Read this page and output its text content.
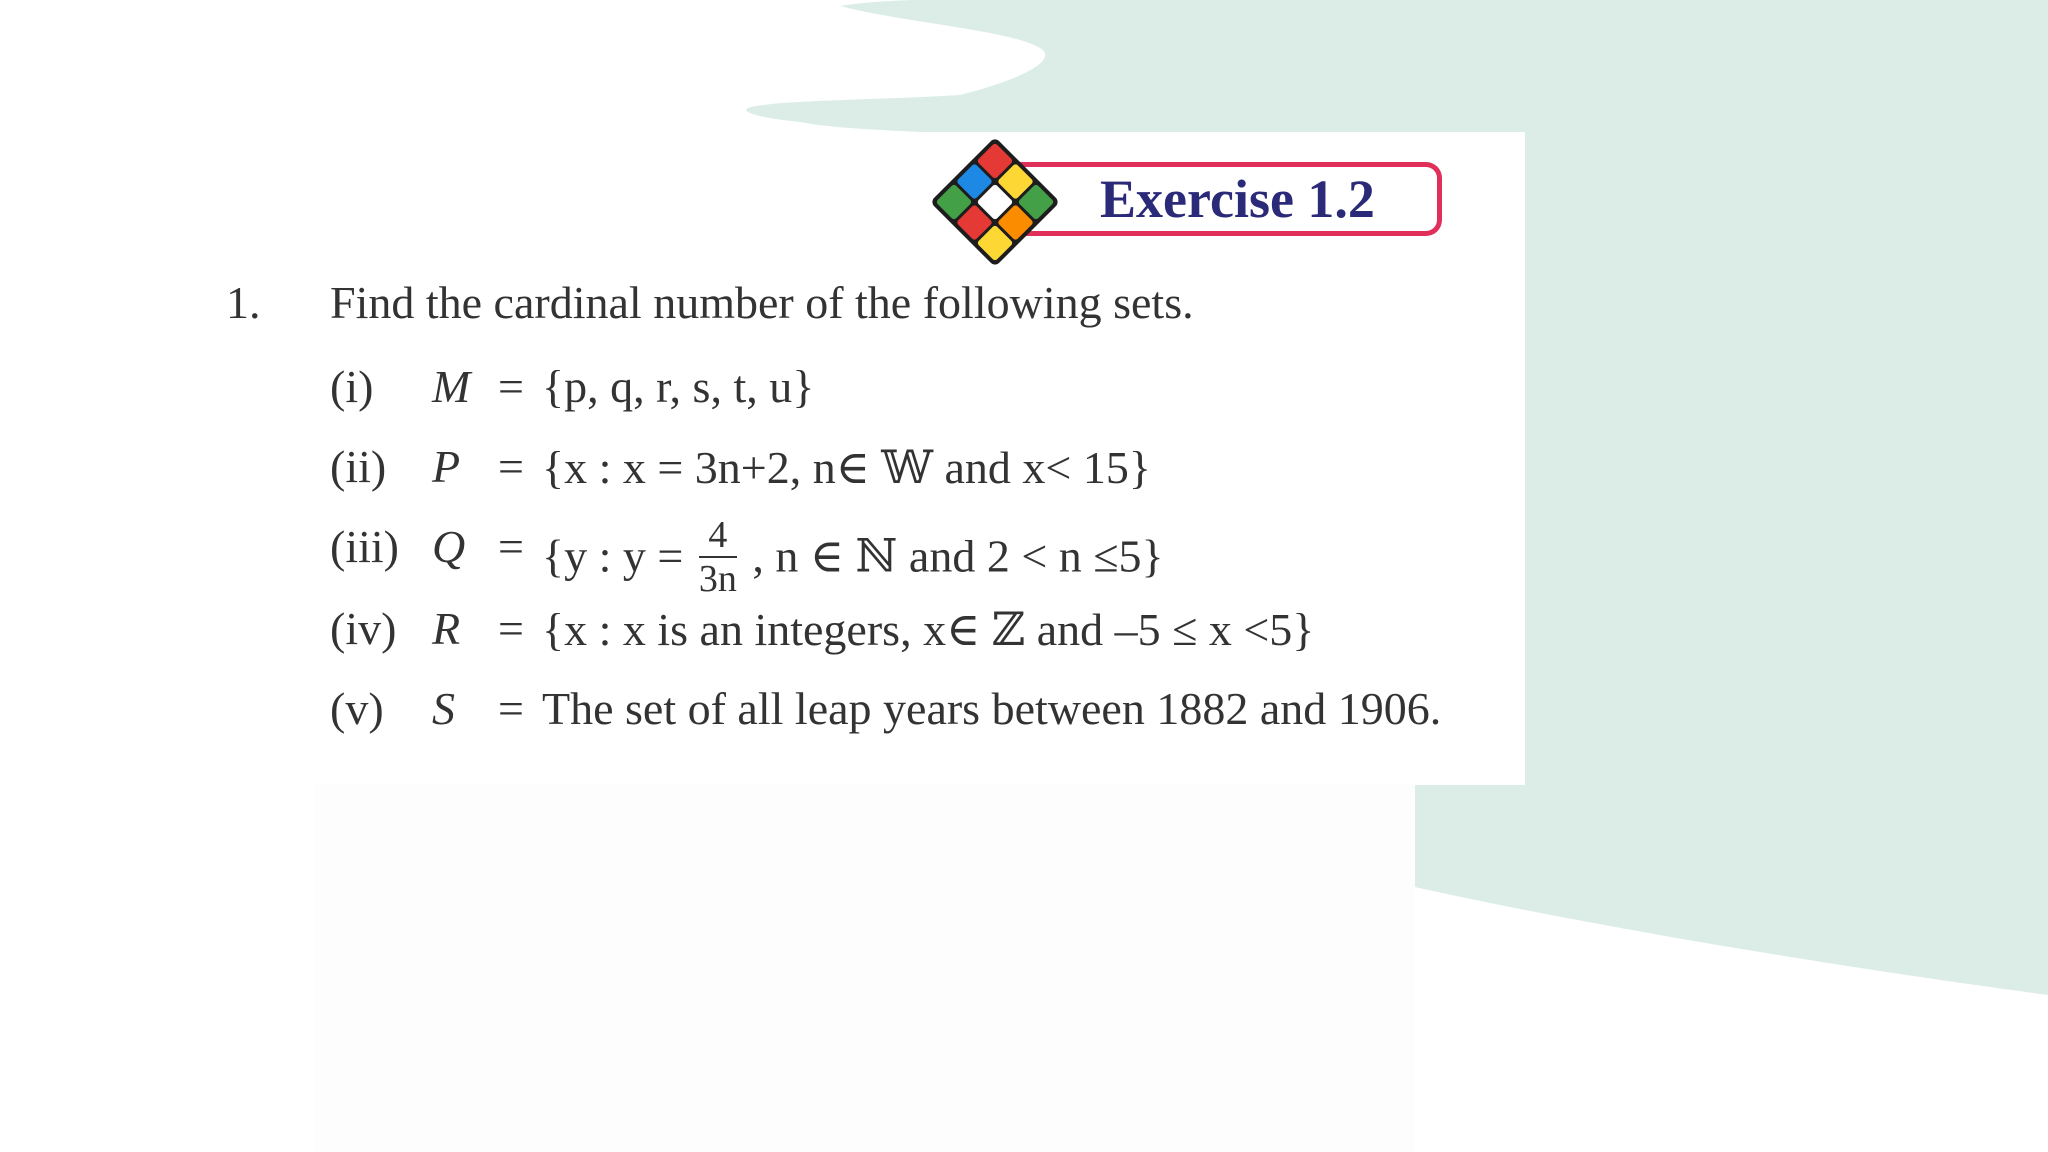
Exercise 1.2
1. Find the cardinal number of the following sets.
(i) M = {p, q, r, s, t, u}
(ii) P = {x : x = 3n+2, n∈ 𝕎 and x< 15}
(iii) Q = {y : $y = \frac{4}{3n}$ , n ∈ ℕ and 2 < n ≤5}
(iv) R = {x : x is an integers, x∈ ℤ and –5 ≤ x <5}
(v) S = The set of all leap years between 1882 and 1906.
